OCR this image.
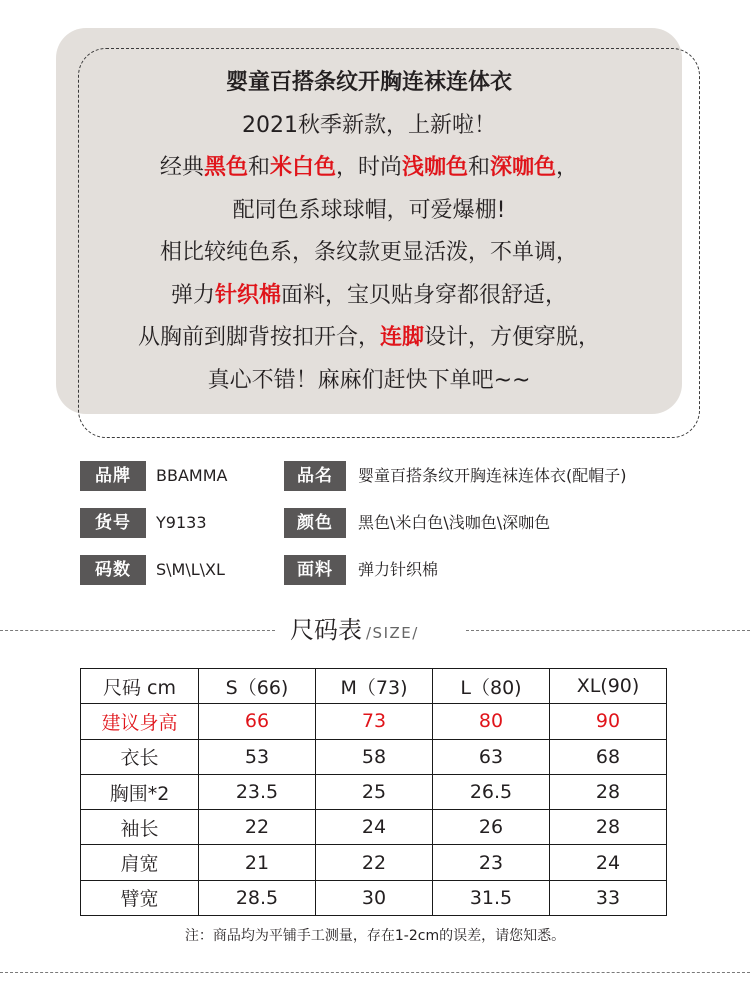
婴童百搭条纹开胸连袜连体衣
2021秋季新款，上新啦！
经典黑色和米白色，时尚浅咖色和深咖色，
配同色系球球帽，可爱爆棚!
相比较纯色系，条纹款更显活泼，不单调，
弹力针织棉面料，宝贝贴身穿都很舒适，
从胸前到脚背按扣开合，连脚设计，方便穿脱，
真心不错！麻麻们赶快下单吧~~
品牌	BBAMMA	品名	婴童百搭条纹开胸连袜连体衣(配帽子)
货号	Y9133	颜色	黑色\米白色\浅咖色\深咖色
码数	S\M\L\XL	面料	弹力针织棉
尺码表 /SIZE/
尺码 cm	S（66)	M（73)	L（80)	XL(90)
建议身高	66	73	80	90
衣长	53	58	63	68
胸围*2	23.5	25	26.5	28
袖长	22	24	26	28
肩宽	21	22	23	24
臂宽	28.5	30	31.5	33
注：商品均为平铺手工测量，存在1-2cm的误差，请您知悉。
